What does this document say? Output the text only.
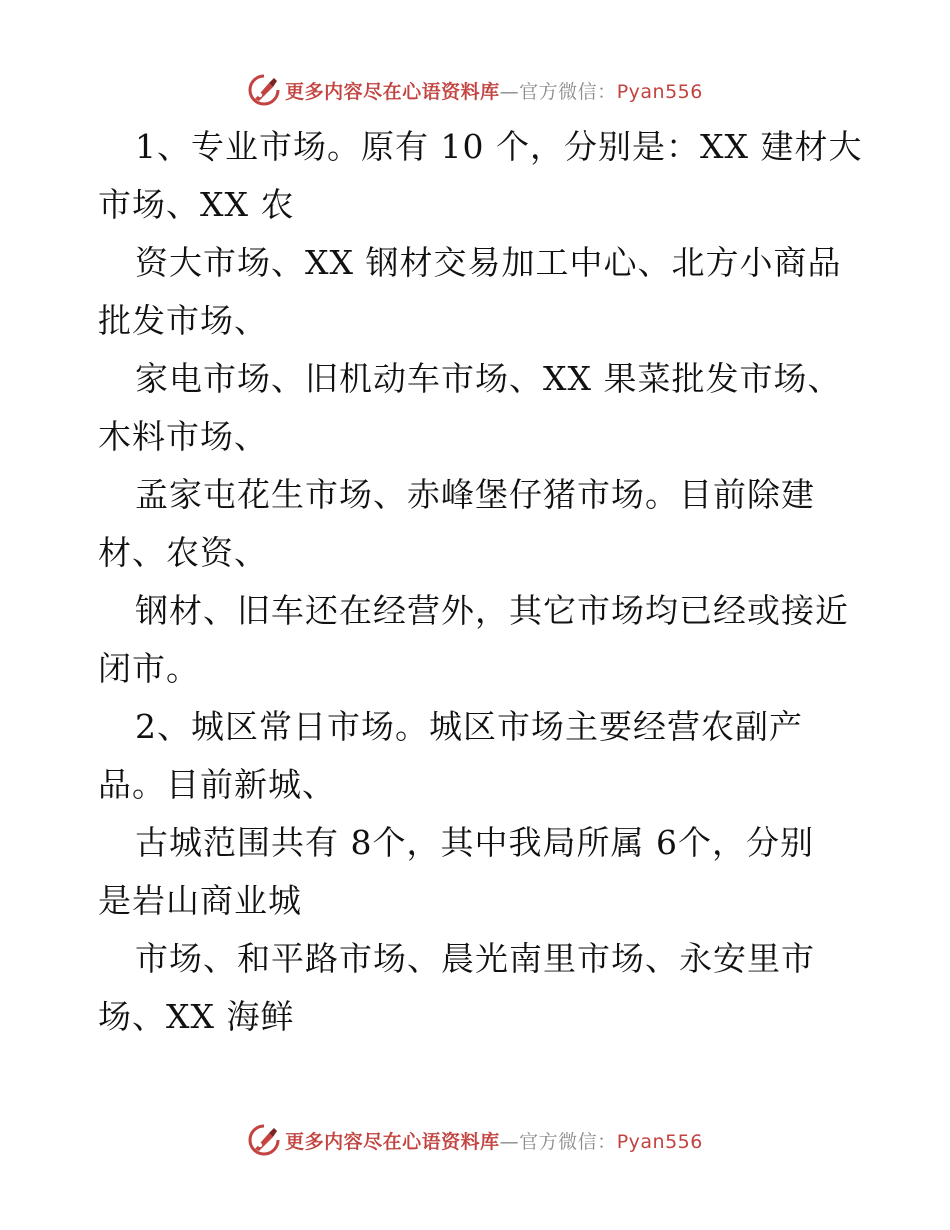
更多内容尽在心语资料库—官方微信：Pyan556
1、专业市场。原有 10 个，分别是：XX 建材大
市场、XX 农
资大市场、XX 钢材交易加工中心、北方小商品
批发市场、
家电市场、旧机动车市场、XX 果菜批发市场、
木料市场、
孟家屯花生市场、赤峰堡仔猪市场。目前除建
材、农资、
钢材、旧车还在经营外，其它市场均已经或接近
闭市。
2、城区常日市场。城区市场主要经营农副产
品。目前新城、
古城范围共有 8个，其中我局所属 6个，分别
是岩山商业城
市场、和平路市场、晨光南里市场、永安里市
场、XX 海鲜
更多内容尽在心语资料库—官方微信：Pyan556
